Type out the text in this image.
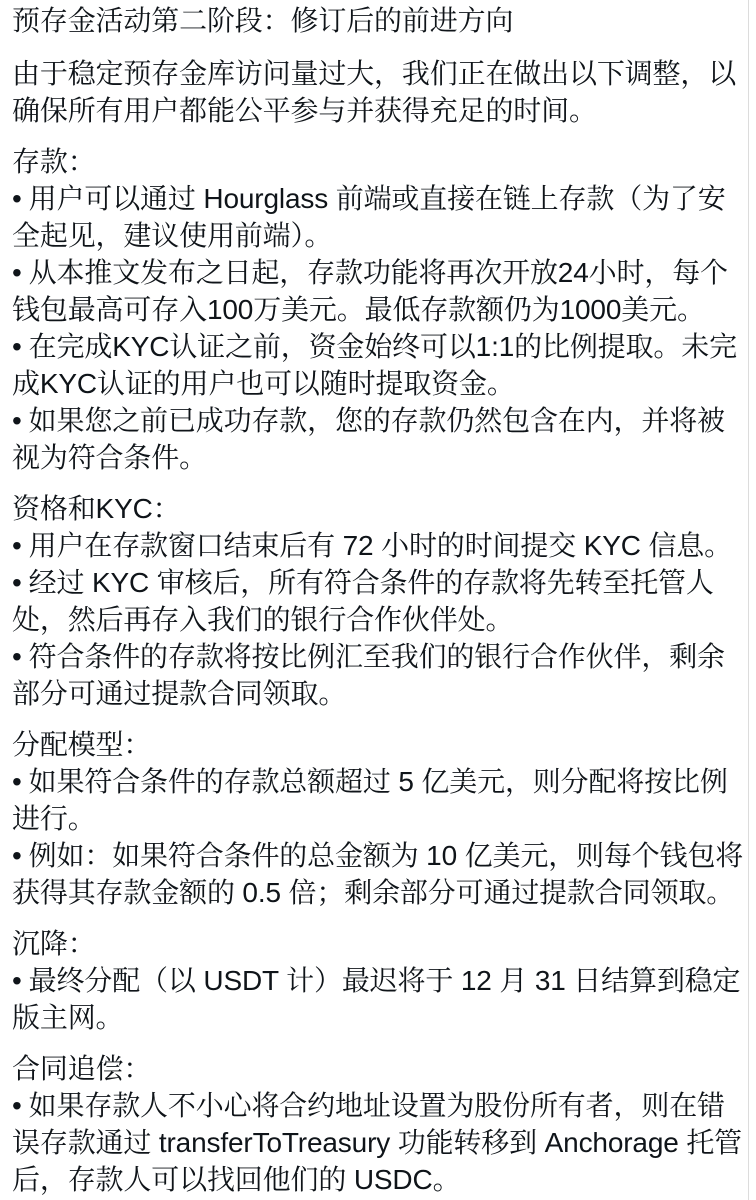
预存金活动第二阶段：修订后的前进方向

由于稳定预存金库访问量过大，我们正在做出以下调整，以确保所有用户都能公平参与并获得充足的时间。

存款：

• 用户可以通过 Hourglass 前端或直接在链上存款（为了安全起见，建议使用前端）。

• 从本推文发布之日起，存款功能将再次开放24小时，每个钱包最高可存入100万美元。最低存款额仍为1000美元。

• 在完成KYC认证之前，资金始终可以1:1的比例提取。未完成KYC认证的用户也可以随时提取资金。

• 如果您之前已成功存款，您的存款仍然包含在内，并将被视为符合条件。

资格和KYC：

• 用户在存款窗口结束后有 72 小时的时间提交 KYC 信息。

• 经过 KYC 审核后，所有符合条件的存款将先转至托管人处，然后再存入我们的银行合作伙伴处。

• 符合条件的存款将按比例汇至我们的银行合作伙伴，剩余部分可通过提款合同领取。

分配模型：

• 如果符合条件的存款总额超过 5 亿美元，则分配将按比例进行。

• 例如：如果符合条件的总金额为 10 亿美元，则每个钱包将获得其存款金额的 0.5 倍；剩余部分可通过提款合同领取。

沉降：

• 最终分配（以 USDT 计）最迟将于 12 月 31 日结算到稳定版主网。

合同追偿：

• 如果存款人不小心将合约地址设置为股份所有者，则在错误存款通过 transferToTreasury 功能转移到 Anchorage 托管后，存款人可以找回他们的 USDC。
